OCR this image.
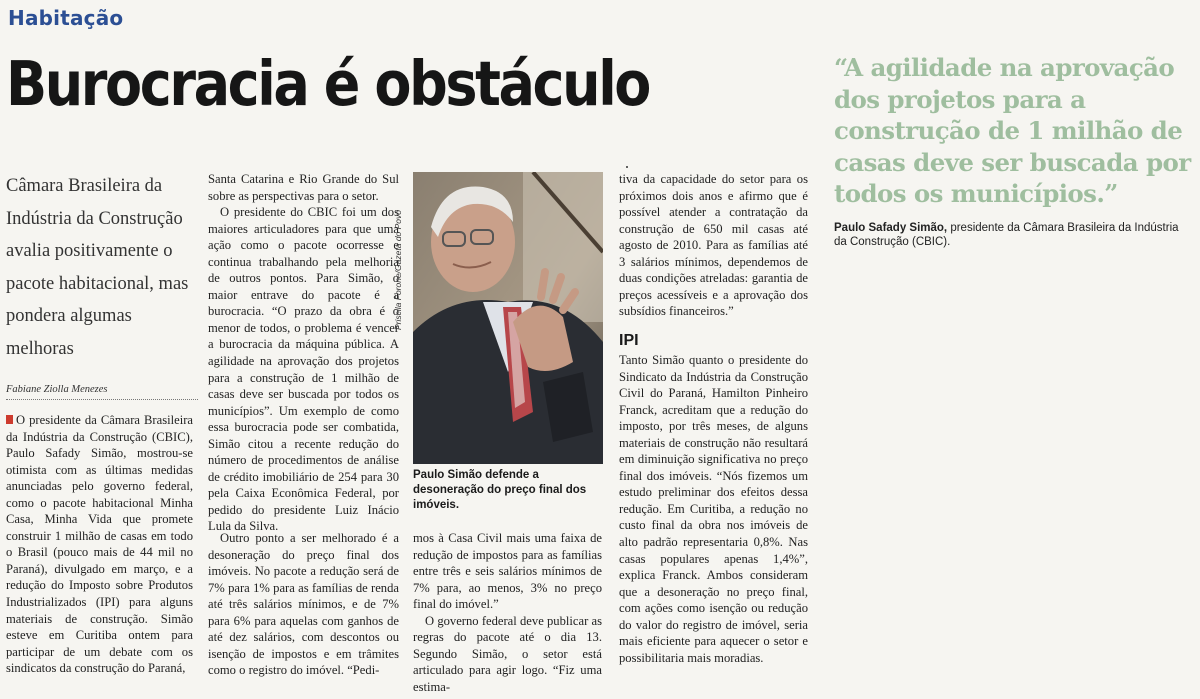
Habitação
Burocracia é obstáculo
Câmara Brasileira da Indústria da Construção avalia positivamente o pacote habitacional, mas pondera algumas melhoras
Fabiane Ziolla Menezes

O presidente da Câmara Brasileira da Indústria da Construção (CBIC), Paulo Safady Simão, mostrou-se otimista com as últimas medidas anunciadas pelo governo federal, como o pacote habitacional Minha Casa, Minha Vida que promete construir 1 milhão de casas em todo o Brasil (pouco mais de 44 mil no Paraná), divulgado em março, e a redução do Imposto sobre Produtos Industrializados (IPI) para alguns materiais de construção. Simão esteve em Curitiba ontem para participar de um debate com os sindicatos da construção do Paraná,

Santa Catarina e Rio Grande do Sul sobre as perspectivas para o setor.

O presidente do CBIC foi um dos maiores articuladores para que uma ação como o pacote ocorresse e continua trabalhando pela melhoria de outros pontos. Para Simão, o maior entrave do pacote é a burocracia. “O prazo da obra é o menor de todos, o problema é vencer a burocracia da máquina pública. A agilidade na aprovação dos projetos para a construção de 1 milhão de casas deve ser buscada por todos os municípios”. Um exemplo de como essa burocracia pode ser combatida, Simão citou a recente redução do número de procedimentos de análise de crédito imobiliário de 254 para 30 pela Caixa Econômica Federal, por pedido do presidente Luiz Inácio Lula da Silva.

Outro ponto a ser melhorado é a desoneração do preço final dos imóveis. No pacote a redução será de 7% para 1% para as famílias de renda até três salários mínimos, e de 7% para 6% para aquelas com ganhos de até dez salários, com descontos ou isenção de impostos e em trâmites como o registro do imóvel. “Pedi-

Priscila Forone/Gazeta do Povo
Paulo Simão defende a desoneração do preço final dos imóveis.

mos à Casa Civil mais uma faixa de redução de impostos para as famílias entre três e seis salários mínimos de 7% para, ao menos, 3% no preço final do imóvel.”

O governo federal deve publicar as regras do pacote até o dia 13. Segundo Simão, o setor está articulado para agir logo. “Fiz uma estima-

tiva da capacidade do setor para os próximos dois anos e afirmo que é possível atender a contratação da construção de 650 mil casas até agosto de 2010. Para as famílias até 3 salários mínimos, dependemos de duas condições atreladas: garantia de preços acessíveis e a aprovação dos subsídios financeiros.”

IPI

Tanto Simão quanto o presidente do Sindicato da Indústria da Construção Civil do Paraná, Hamilton Pinheiro Franck, acreditam que a redução do imposto, por três meses, de alguns materiais de construção não resultará em diminuição significativa no preço final dos imóveis. “Nós fizemos um estudo preliminar dos efeitos dessa redução. Em Curitiba, a redução no custo final da obra nos imóveis de alto padrão representaria 0,8%. Nas casas populares apenas 1,4%”, explica Franck. Ambos consideram que a desoneração no preço final, com ações como isenção ou redução do valor do registro de imóvel, seria mais eficiente para aquecer o setor e possibilitaria mais moradias.

“A agilidade na aprovação dos projetos para a construção de 1 milhão de casas deve ser buscada por todos os municípios.”
Paulo Safady Simão, presidente da Câmara Brasileira da Indústria da Construção (CBIC).
